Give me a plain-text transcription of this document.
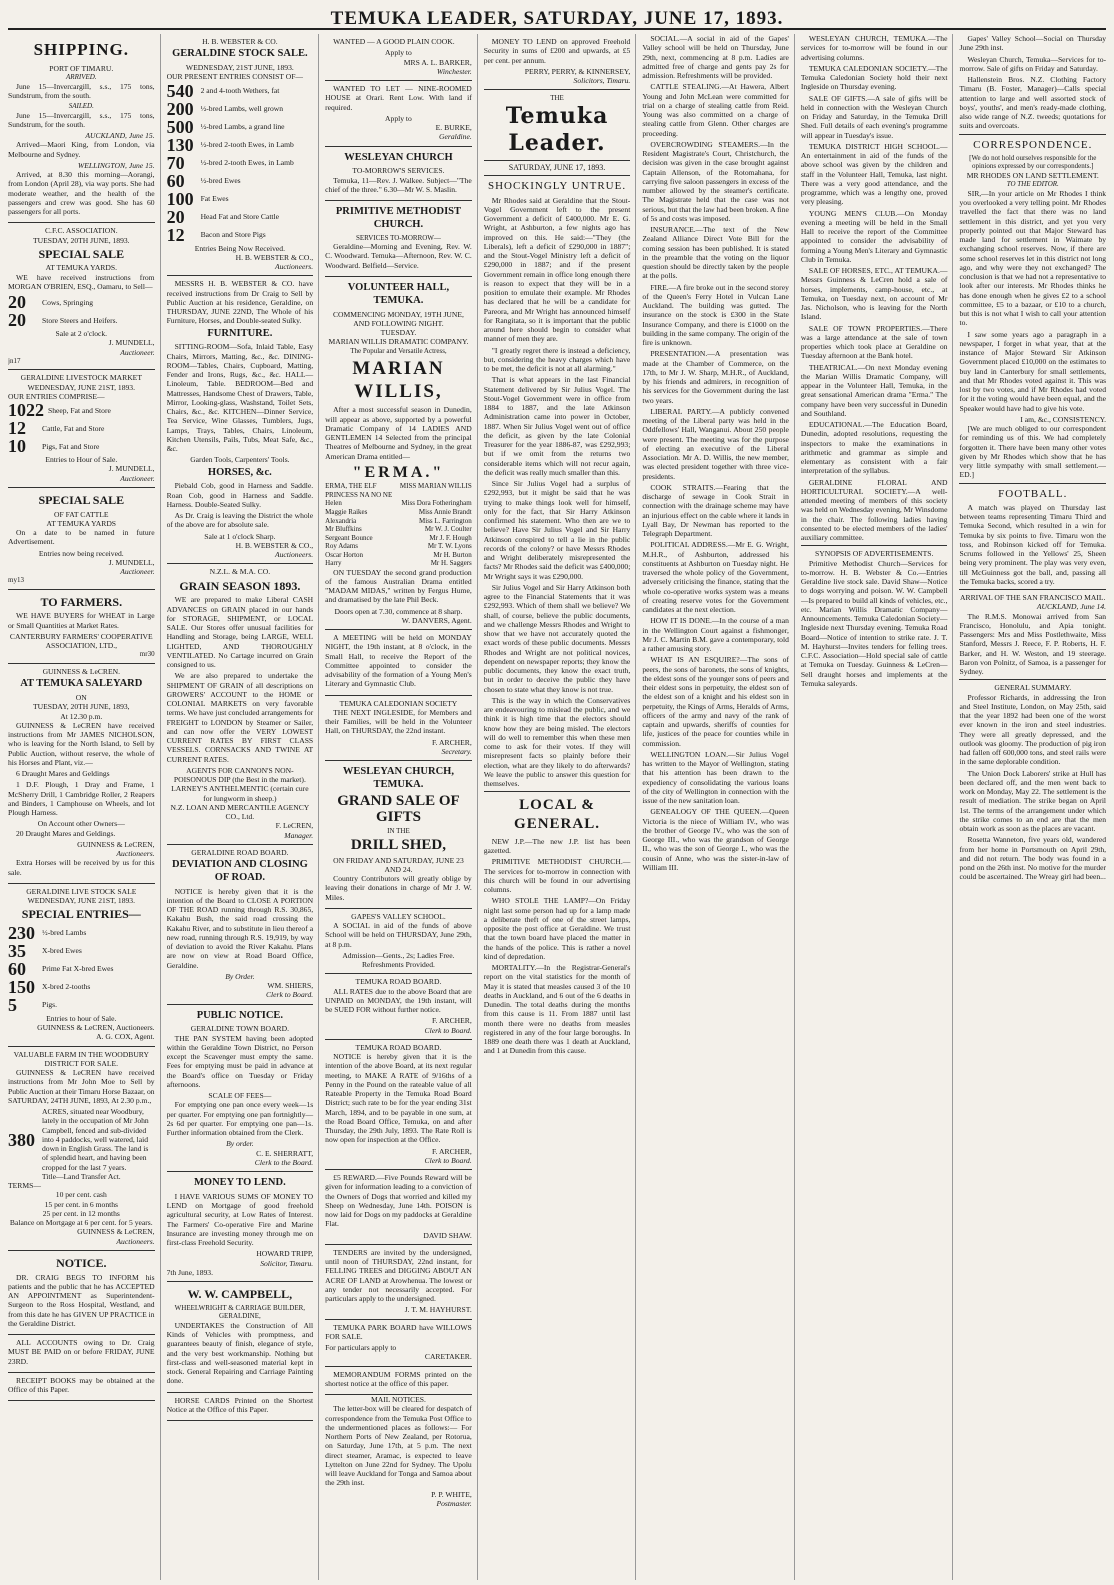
TEMUKA LEADER, SATURDAY, JUNE 17, 1893.
SHIPPING.
PORT OF TIMARU.
ARRIVED.
June 15—Invercargill, s.s., 175 tons, Sundstrum, from the south.
SAILED.
June 15—Invercargill, s.s., 175 tons, Sundstrum, for the south.
AUCKLAND, June 15.
Arrived—Maori King, from London, via Melbourne and Sydney.
WELLINGTON, June 15.
Arrived, at 8.30 this morning—Aorangi, from London (April 28), via way ports. She had moderate weather, and the health of the passengers and crew was good. She has 60 passengers for all ports.
C.F.C. ASSOCIATION.
TUESDAY, 20TH JUNE, 1893.
SPECIAL SALE
AT TEMUKA YARDS.
WE have received instructions from MORGAN O'BRIEN, ESQ., Oamaru, to Sell—
20	Cows, Springing
20	Store Steers and Heifers.
Sale at 2 o'clock.
J. MUNDELL,
Auctioneer.
jn17
GERALDINE LIVESTOCK MARKET
WEDNESDAY, JUNE 21ST, 1893.
OUR ENTRIES COMPRISE—
1022 Sheep, Fat and Store
12	Cattle, Fat and Store
10	Pigs, Fat and Store
Entries to Hour of Sale.
J. MUNDELL,
Auctioneer.
SPECIAL SALE
OF FAT CATTLE
AT TEMUKA YARDS
On a date to be named in future Advertisement.
Entries now being received.
J. MUNDELL,
Auctioneer.
my13
TO FARMERS.
WE HAVE BUYERS for WHEAT in Large or Small Quantities at Market Rates.
CANTERBURY FARMERS' COOPERATIVE ASSOCIATION, LTD.,
mr30
GUINNESS & LeCREN.
AT TEMUKA SALEYARD
ON
TUESDAY, 20TH JUNE, 1893,
At 12.30 p.m.
GUINNESS & LeCREN have received instructions from Mr JAMES NICHOLSON, who is leaving for the North Island, to Sell by Public Auction, without reserve, the whole of his Horses and Plant, viz.—
6 Draught Mares and Geldings
1 D.F. Plough, 1 Dray and Frame, 1 McSherry Drill, 1 Cambridge Roller, 2 Reapers and Binders, 1 Camphouse on Wheels, and lot Plough Harness.
On Account other Owners—
20 Draught Mares and Geldings.
GUINNESS & LeCREN,
Auctioneers.
Extra Horses will be received by us for this sale.
GERALDINE LIVE STOCK SALE
WEDNESDAY, JUNE 21ST, 1893.
SPECIAL ENTRIES—
230 ½-bred Lambs
35	X-bred Ewes
60	Prime Fat X-bred Ewes
150 X-bred 2-tooths
5	Pigs.
Entries to hour of Sale.
GUINNESS & LeCREN, Auctioneers.
A. G. COX, Agent.
VALUABLE FARM IN THE WOODBURY DISTRICT FOR SALE.
GUINNESS & LeCREN have received instructions from Mr John Moe to Sell by Public Auction at their Timaru Horse Bazaar, on SATURDAY, 24TH JUNE, 1893, At 2.30 p.m.,
380
ACRES, situated near Woodbury, lately in the occupation of Mr John Campbell, fenced and sub-divided into 4 paddocks, well watered, laid down in English Grass. The land is of splendid heart, and having been cropped for the last 7 years.
Title—Land Transfer Act.
TERMS—
10 per cent. cash
15 per cent. in 6 months
25 per cent. in 12 months
Balance on Mortgage at 6 per cent. for 5 years.
GUINNESS & LeCREN,
Auctioneers.
NOTICE.
DR. CRAIG BEGS TO INFORM his patients and the public that he has ACCEPTED AN APPOINTMENT as Superintendent-Surgeon to the Ross Hospital, Westland, and from this date he has GIVEN UP PRACTICE in the Geraldine District.
ALL ACCOUNTS owing to Dr. Craig MUST BE PAID on or before FRIDAY, JUNE 23RD.
RECEIPT BOOKS may be obtained at the Office of this Paper.
H. B. WEBSTER & CO.
GERALDINE STOCK SALE.
WEDNESDAY, 21ST JUNE, 1893.
OUR PRESENT ENTRIES CONSIST OF—
540 2 and 4-tooth Wethers, fat
200 ½-bred Lambs, well grown
500 ½-bred Lambs, a grand line
130 ½-bred 2-tooth Ewes, in Lamb
70	½-bred 2-tooth Ewes, in Lamb
60	½-bred Ewes
100 Fat Ewes
20	Head Fat and Store Cattle
12	Bacon and Store Pigs
Entries Being Now Received.
H. B. WEBSTER & CO.,
Auctioneers.
MESSRS H. B. WEBSTER & CO. have received instructions from Dr Craig to Sell by Public Auction at his residence, Geraldine, on THURSDAY, JUNE 22ND, The Whole of his Furniture, Horses, and Double-seated Sulky.
FURNITURE.
SITTING-ROOM—Sofa, Inlaid Table, Easy Chairs, Mirrors, Matting, &c., &c. DINING-ROOM—Tables, Chairs, Cupboard, Matting, Fender and Irons, Rugs, &c., &c. HALL—Linoleum, Table. BEDROOM—Bed and Mattresses, Handsome Chest of Drawers, Table, Mirror, Looking-glass, Washstand, Toilet Sets, Chairs, &c., &c. KITCHEN—Dinner Service, Tea Service, Wine Glasses, Tumblers, Jugs, Lamps, Trays, Tables, Chairs, Linoleum, Kitchen Utensils, Pails, Tubs, Meat Safe, &c., &c.
Garden Tools, Carpenters' Tools.
HORSES, &c.
Piebald Cob, good in Harness and Saddle. Roan Cob, good in Harness and Saddle. Harness. Double-Seated Sulky.
As Dr. Craig is leaving the District the whole of the above are for absolute sale.
Sale at 1 o'clock Sharp.
H. B. WEBSTER & CO.,
Auctioneers.
N.Z.L. & M.A. CO.
GRAIN SEASON 1893.
WE are prepared to make Liberal CASH ADVANCES on GRAIN placed in our hands for STORAGE, SHIPMENT, or LOCAL SALE. Our Stores offer unusual facilities for Handling and Storage, being LARGE, WELL LIGHTED, AND THOROUGHLY VENTILATED. No Cartage incurred on Grain consigned to us.
We are also prepared to undertake the SHIPMENT OF GRAIN of all descriptions on GROWERS' ACCOUNT to the HOME or COLONIAL MARKETS on very favorable terms. We have just concluded arrangements for FREIGHT to LONDON by Steamer or Sailer, and can now offer the VERY LOWEST CURRENT RATES BY FIRST CLASS VESSELS. CORNSACKS AND TWINE AT CURRENT RATES.
AGENTS FOR CANNON'S NON-POISONOUS DIP (the Best in the market). LARNEY'S ANTHELMENTIC (certain cure for lungworm in sheep.)
N.Z. LOAN AND MERCANTILE AGENCY CO., Ltd.
F. LeCREN,
Manager.
GERALDINE ROAD BOARD.
DEVIATION AND CLOSING OF ROAD.
NOTICE is hereby given that it is the intention of the Board to CLOSE A PORTION OF THE ROAD running through R.S. 30,865, Kakahu Bush, the said road crossing the Kakahu River, and to substitute in lieu thereof a new road, running through R.S. 19,919, by way of deviation to avoid the River Kakahu. Plans are now on view at Road Board Office, Geraldine.
By Order.
WM. SHIERS,
Clerk to Board.
PUBLIC NOTICE.
GERALDINE TOWN BOARD.
THE PAN SYSTEM having been adopted within the Geraldine Town District, no Person except the Scavenger must empty the same. Fees for emptying must be paid in advance at the Board's office on Tuesday or Friday afternoons.
SCALE OF FEES—
For emptying one pan once every week—1s per quarter. For emptying one pan fortnightly—2s 6d per quarter. For emptying one pan—1s. Further information obtained from the Clerk.
By order.
C. E. SHERRATT,
Clerk to the Board.
MONEY TO LEND.
I HAVE VARIOUS SUMS OF MONEY TO LEND on Mortgage of good freehold agricultural security, at Low Rates of Interest. The Farmers' Co-operative Fire and Marine Insurance are investing money through me on first-class Freehold Security.
HOWARD TRIPP,
Solicitor, Timaru.
7th June, 1893.
W. W. CAMPBELL,
WHEELWRIGHT & CARRIAGE BUILDER, GERALDINE,
UNDERTAKES the Construction of All Kinds of Vehicles with promptness, and guarantees beauty of finish, elegance of style, and the very best workmanship. Nothing but first-class and well-seasoned material kept in stock. General Repairing and Carriage Painting done.
HORSE CARDS Printed on the Shortest Notice at the Office of this Paper.
WANTED — A GOOD PLAIN COOK.
Apply to
MRS A. L. BARKER,
Winchester.
WANTED TO LET — NINE-ROOMED HOUSE at Orari. Rent Low. With land if required.
Apply to
E. BURKE,
Geraldine.
WESLEYAN CHURCH
TO-MORROW'S SERVICES.
Temuka, 11—Rev. J. Walkee. Subject—"The chief of the three." 6.30—Mr W. S. Maslin.
PRIMITIVE METHODIST CHURCH.
SERVICES TO-MORROW—
Geraldine—Morning and Evening, Rev. W. C. Woodward. Temuka—Afternoon, Rev. W. C. Woodward. Belfield—Service.
VOLUNTEER HALL, TEMUKA.
COMMENCING MONDAY, 19TH JUNE, AND FOLLOWING NIGHT.
TUESDAY.
MARIAN WILLIS DRAMATIC COMPANY.
The Popular and Versatile Actress,
MARIAN WILLIS,
After a most successful season in Dunedin, will appear as above, supported by a powerful Dramatic Company of 14 LADIES AND GENTLEMEN 14 Selected from the principal Theatres of Melbourne and Sydney, in the great American Drama entitled—
"ERMA."
ERMA, THE ELF	MISS MARIAN WILLIS
PRINCESS NA NO NE	
Helen	Miss Dora Fotheringham
Maggie Raikes	Miss Annie Brandt
Alexandria	Miss L. Farrington
Mr Bluffkins	Mr W. J. Coulter
Sergeant Bounce	Mr J. F. Hough
Roy Adams	Mr T. W. Lyons
Oscar Horton	Mr H. Burton
Harry	Mr H. Saggers
ON TUESDAY the second grand production of the famous Australian Drama entitled "MADAM MIDAS," written by Fergus Hume, and dramatised by the late Phil Beck.
Doors open at 7.30, commence at 8 sharp.
W. DANVERS, Agent.
A MEETING will be held on MONDAY NIGHT, the 19th instant, at 8 o'clock, in the Small Hall, to receive the Report of the Committee appointed to consider the advisability of the formation of a Young Men's Literary and Gymnastic Club.
TEMUKA CALEDONIAN SOCIETY
THE NEXT INGLESIDE, for Members and their Families, will be held in the Volunteer Hall, on THURSDAY, the 22nd instant.
F. ARCHER,
Secretary.
WESLEYAN CHURCH, TEMUKA.
GRAND SALE OF GIFTS
IN THE
DRILL SHED,
ON FRIDAY AND SATURDAY, JUNE 23 AND 24.
Country Contributors will greatly oblige by leaving their donations in charge of Mr J. W. Miles.
GAPES'S VALLEY SCHOOL.
A SOCIAL in aid of the funds of above School will be held on THURSDAY, June 29th, at 8 p.m.
Admission—Gents., 2s; Ladies Free. Refreshments Provided.
TEMUKA ROAD BOARD.
ALL RATES due to the above Board that are UNPAID on MONDAY, the 19th instant, will be SUED FOR without further notice.
F. ARCHER,
Clerk to Board.
TEMUKA ROAD BOARD.
NOTICE is hereby given that it is the intention of the above Board, at its next regular meeting, to MAKE A RATE of 9/16ths of a Penny in the Pound on the rateable value of all Rateable Property in the Temuka Road Board District; such rate to be for the year ending 31st March, 1894, and to be payable in one sum, at the Road Board Office, Temuka, on and after Thursday, the 29th July, 1893. The Rate Roll is now open for inspection at the Office.
F. ARCHER,
Clerk to Board.
£5 REWARD.—Five Pounds Reward will be given for information leading to a conviction of the Owners of Dogs that worried and killed my Sheep on Wednesday, June 14th. POISON is now laid for Dogs on my paddocks at Geraldine Flat.
DAVID SHAW.
TENDERS are invited by the undersigned, until noon of THURSDAY, 22nd instant, for FELLING TREES and DIGGING ABOUT AN ACRE OF LAND at Arowhenua. The lowest or any tender not necessarily accepted. For particulars apply to the undersigned.
J. T. M. HAYHURST.
TEMUKA PARK BOARD have WILLOWS FOR SALE.
For particulars apply to
CARETAKER.
MEMORANDUM FORMS printed on the shortest notice at the office of this paper.
MAIL NOTICES.
The letter-box will be cleared for despatch of correspondence from the Temuka Post Office to the undermentioned places as follows:— For Northern Ports of New Zealand, per Rotorua, on Saturday, June 17th, at 5 p.m. The next direct steamer, Aramac, is expected to leave Lyttelton on June 22nd for Sydney. The Upolu will leave Auckland for Tonga and Samoa about the 29th inst.
P. P. WHITE,
Postmaster.
MONEY TO LEND on approved Freehold Security in sums of £200 and upwards, at £5 per cent. per annum.
PERRY, PERRY, & KINNERSEY,
Solicitors, Timaru.
THE
Temuka Leader.
SATURDAY, JUNE 17, 1893.
SHOCKINGLY UNTRUE.
Mr Rhodes said at Geraldine that the Stout-Vogel Government left to the present Government a deficit of £400,000. Mr E. G. Wright, at Ashburton, a few nights ago has improved on this. He said:—"They (the Liberals), left a deficit of £290,000 in 1887"; and the Stout-Vogel Ministry left a deficit of £290,000 in 1887; and if the present Government remain in office long enough there is reason to expect that they will be in a position to emulate their example. Mr Rhodes has declared that he will be a candidate for Pareora, and Mr Wright has announced himself for Rangitata, so it is important that the public around here should begin to consider what manner of men they are.
"I greatly regret there is instead a deficiency, but, considering the heavy charges which have to be met, the deficit is not at all alarming."
That is what appears in the last Financial Statement delivered by Sir Julius Vogel. The Stout-Vogel Government were in office from 1884 to 1887, and the late Atkinson Administration came into power in October, 1887. When Sir Julius Vogel went out of office the deficit, as given by the late Colonial Treasurer for the year 1886-87, was £292,993; but if we omit from the returns two considerable items which will not recur again, the deficit was really much smaller than this.
Since Sir Julius Vogel had a surplus of £292,993, but it might be said that he was trying to make things look well for himself, only for the fact, that Sir Harry Atkinson confirmed his statement. Who then are we to believe? Have Sir Julius Vogel and Sir Harry Atkinson conspired to tell a lie in the public records of the colony? or have Messrs Rhodes and Wright deliberately misrepresented the facts? Mr Rhodes said the deficit was £400,000; Mr Wright says it was £290,000.
Sir Julius Vogel and Sir Harry Atkinson both agree to the Financial Statements that it was £292,993. Which of them shall we believe? We shall, of course, believe the public documents, and we challenge Messrs Rhodes and Wright to show that we have not accurately quoted the exact words of these public documents. Messrs Rhodes and Wright are not political novices, dependent on newspaper reports; they know the public documents, they know the exact truth, but in order to deceive the public they have chosen to state what they know is not true.
This is the way in which the Conservatives are endeavouring to mislead the public, and we think it is high time that the electors should know how they are being misled. The electors will do well to remember this when these men come to ask for their votes. If they will misrepresent facts so plainly before their election, what are they likely to do afterwards? We leave the public to answer this question for themselves.
LOCAL & GENERAL.
NEW J.P.—The new J.P. list has been gazetted.
PRIMITIVE METHODIST CHURCH.—The services for to-morrow in connection with this church will be found in our advertising columns.
WHO STOLE THE LAMP?—On Friday night last some person had up for a lamp made a deliberate theft of one of the street lamps, opposite the post office at Geraldine. We trust that the town board have placed the matter in the hands of the police. This is rather a novel kind of depredation.
MORTALITY.—In the Registrar-General's report on the vital statistics for the month of May it is stated that measles caused 3 of the 10 deaths in Auckland, and 6 out of the 6 deaths in Dunedin. The total deaths during the months from this cause is 11. From 1887 until last month there were no deaths from measles registered in any of the four large boroughs. In 1889 one death there was 1 death at Auckland, and 1 at Dunedin from this cause.
SOCIAL.—A social in aid of the Gapes' Valley school will be held on Thursday, June 29th, next, commencing at 8 p.m. Ladies are admitted free of charge and gents pay 2s for admission. Refreshments will be provided.
CATTLE STEALING.—At Hawera, Albert Young and John McLean were committed for trial on a charge of stealing cattle from Reid. Young was also committed on a charge of stealing cattle from Glenn. Other charges are proceeding.
OVERCROWDING STEAMERS.—In the Resident Magistrate's Court, Christchurch, the decision was given in the case brought against Captain Allenson, of the Rotomahana, for carrying five saloon passengers in excess of the number allowed by the steamer's certificate. The Magistrate held that the case was not serious, but that the law had been broken. A fine of 5s and costs was imposed.
INSURANCE.—The text of the New Zealand Alliance Direct Vote Bill for the coming session has been published. It is stated in the preamble that the voting on the liquor question should be directly taken by the people at the polls.
FIRE.—A fire broke out in the second storey of the Queen's Ferry Hotel in Vulcan Lane Auckland. The building was gutted. The insurance on the stock is £300 in the State Insurance Company, and there is £1000 on the building in the same company. The origin of the fire is unknown.
PRESENTATION.—A presentation was made at the Chamber of Commerce, on the 17th, to Mr J. W. Sharp, M.H.R., of Auckland, by his friends and admirers, in recognition of his services for the Government during the last two years.
LIBERAL PARTY.—A publicly convened meeting of the Liberal party was held in the Oddfellows' Hall, Wanganui. About 250 people were present. The meeting was for the purpose of electing an executive of the Liberal Association. Mr A. D. Willis, the new member, was elected president together with three vice-presidents.
COOK STRAITS.—Fearing that the discharge of sewage in Cook Strait in connection with the drainage scheme may have an injurious effect on the cable where it lands in Lyall Bay, Dr Newman has reported to the Telegraph Department.
POLITICAL ADDRESS.—Mr E. G. Wright, M.H.R., of Ashburton, addressed his constituents at Ashburton on Tuesday night. He traversed the whole policy of the Government, adversely criticising the finance, stating that the whole co-operative works system was a means of creating reserve votes for the Government candidates at the next election.
HOW IT IS DONE.—In the course of a man in the Wellington Court against a fishmonger, Mr J. C. Martin B.M. gave a contemporary, told a rather amusing story.
WHAT IS AN ESQUIRE?—The sons of peers, the sons of baronets, the sons of knights, the eldest sons of the younger sons of peers and their eldest sons in perpetuity, the eldest son of the eldest son of a knight and his eldest son in perpetuity, the Kings of Arms, Heralds of Arms, officers of the army and navy of the rank of captain and upwards, sheriffs of counties for life, justices of the peace for counties while in commission.
WELLINGTON LOAN.—Sir Julius Vogel has written to the Mayor of Wellington, stating that his attention has been drawn to the expediency of consolidating the various loans of the city of Wellington in connection with the issue of the new sanitation loan.
GENEALOGY OF THE QUEEN.—Queen Victoria is the niece of William IV., who was the brother of George IV., who was the son of George III., who was the grandson of George II., who was the son of George I., who was the cousin of Anne, who was the sister-in-law of William III.
WESLEYAN CHURCH, TEMUKA.—The services for to-morrow will be found in our advertising columns.
TEMUKA CALEDONIAN SOCIETY.—The Temuka Caledonian Society hold their next Ingleside on Thursday evening.
SALE OF GIFTS.—A sale of gifts will be held in connection with the Wesleyan Church on Friday and Saturday, in the Temuka Drill Shed. Full details of each evening's programme will appear in Tuesday's issue.
TEMUKA DISTRICT HIGH SCHOOL.—An entertainment in aid of the funds of the above school was given by the children and staff in the Volunteer Hall, Temuka, last night. There was a very good attendance, and the programme, which was a lengthy one, proved very pleasing.
YOUNG MEN'S CLUB.—On Monday evening a meeting will be held in the Small Hall to receive the report of the Committee appointed to consider the advisability of forming a Young Men's Literary and Gymnastic Club in Temuka.
SALE OF HORSES, ETC., AT TEMUKA.—Messrs Guinness & LeCren hold a sale of horses, implements, camp-house, etc., at Temuka, on Tuesday next, on account of Mr Jas. Nicholson, who is leaving for the North Island.
SALE OF TOWN PROPERTIES.—There was a large attendance at the sale of town properties which took place at Geraldine on Tuesday afternoon at the Bank hotel.
THEATRICAL.—On next Monday evening the Marian Willis Dramatic Company, will appear in the Volunteer Hall, Temuka, in the great sensational American drama "Erma." The company have been very successful in Dunedin and Southland.
EDUCATIONAL.—The Education Board, Dunedin, adopted resolutions, requesting the inspectors to make the examinations in arithmetic and grammar as simple and elementary as consistent with a fair interpretation of the syllabus.
GERALDINE FLORAL AND HORTICULTURAL SOCIETY.—A well-attended meeting of members of this society was held on Wednesday evening, Mr Winsdome in the chair. The following ladies having consented to be elected members of the ladies' auxiliary committee.
SYNOPSIS OF ADVERTISEMENTS.
Primitive Methodist Church—Services for to-morrow. H. B. Webster & Co.—Entries Geraldine live stock sale. David Shaw—Notice to dogs worrying and poison. W. W. Campbell—Is prepared to build all kinds of vehicles, etc., etc. Marian Willis Dramatic Company—Announcements. Temuka Caledonian Society—Ingleside next Thursday evening. Temuka Road Board—Notice of intention to strike rate. J. T. M. Hayhurst—Invites tenders for felling trees. C.F.C. Association—Hold special sale of cattle at Temuka on Tuesday. Guinness & LeCren—Sell draught horses and implements at the Temuka saleyards.
Gapes' Valley School—Social on Thursday June 29th inst.
Wesleyan Church, Temuka—Services for to-morrow. Sale of gifts on Friday and Saturday.
Hallenstein Bros. N.Z. Clothing Factory Timaru (B. Foster, Manager)—Calls special attention to large and well assorted stock of boys', youths', and men's ready-made clothing, also wide range of N.Z. tweeds; quotations for suits and overcoats.
CORRESPONDENCE.
[We do not hold ourselves responsible for the opinions expressed by our correspondents.]
MR RHODES ON LAND SETTLEMENT.
TO THE EDITOR.
SIR,—In your article on Mr Rhodes I think you overlooked a very telling point. Mr Rhodes travelled the fact that there was no land settlement in this district, and yet you very properly pointed out that Major Steward has made land for settlement in Waimate by exchanging school reserves. Now, if there are some school reserves let in this district not long ago, and why were they not exchanged? The conclusion is that we had not a representative to look after our interests. Mr Rhodes thinks he has done enough when he gives £2 to a school committee, £5 to a bazaar, or £10 to a church, but this is not what I wish to call your attention to.
I saw some years ago a paragraph in a newspaper, I forget in what year, that at the instance of Major Steward Sir Atkinson Government placed £10,000 on the estimates to buy land in Canterbury for small settlements, and that Mr Rhodes voted against it. This was lost by two votes, and if Mr Rhodes had voted for it the voting would have been equal, and the Speaker would have had to give his vote.
I am, &c., CONSISTENCY.
[We are much obliged to our correspondent for reminding us of this. We had completely forgotten it. There have been many other votes given by Mr Rhodes which show that he has very little sympathy with small settlement.—ED.]
FOOTBALL.
A match was played on Thursday last between teams representing Timaru Third and Temuka Second, which resulted in a win for Temuka by six points to five. Timaru won the toss, and Robinson kicked off for Temuka. Scrums followed in the Yellows' 25, Sheen being very prominent. The play was very even, till McGuinness got the ball, and, passing all the Temuka backs, scored a try.
ARRIVAL OF THE SAN FRANCISCO MAIL.
AUCKLAND, June 14.
The R.M.S. Monowai arrived from San Francisco, Honolulu, and Apia tonight. Passengers: Mrs and Miss Postlethwaite, Miss Stanford, Messrs J. Reece, F. P. Roberts, H. F. Barker, and H. W. Weston, and 19 steerage. Baron von Polnitz, of Samoa, is a passenger for Sydney.
GENERAL SUMMARY.
Professor Richards, in addressing the Iron and Steel Institute, London, on May 25th, said that the year 1892 had been one of the worst ever known in the iron and steel industries. They were all greatly depressed, and the outlook was gloomy. The production of pig iron had fallen off 600,000 tons, and steel rails were in the same deplorable condition.
The Union Dock Laborers' strike at Hull has been declared off, and the men went back to work on Monday, May 22. The settlement is the result of mediation. The strike began on April 1st. The terms of the arrangement under which the strike comes to an end are that the men obtain work as soon as the places are vacant.
Rosetta Wanneton, five years old, wandered from her home in Portsmouth on April 29th, and did not return. The body was found in a pond on the 26th inst. No motive for the murder could be ascertained. The Wreay girl had been...
